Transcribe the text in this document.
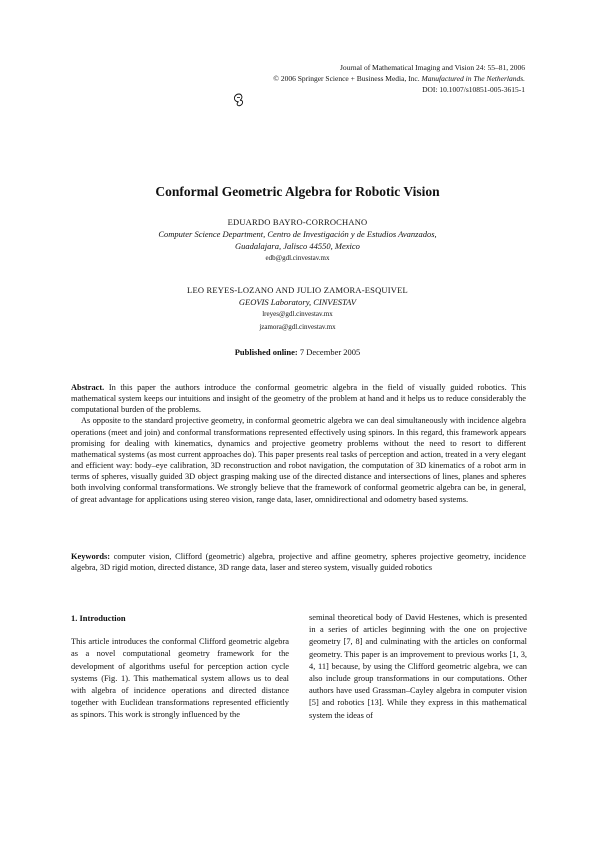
Journal of Mathematical Imaging and Vision 24: 55–81, 2006
© 2006 Springer Science + Business Media, Inc. Manufactured in The Netherlands.
DOI: 10.1007/s10851-005-3615-1
Conformal Geometric Algebra for Robotic Vision
EDUARDO BAYRO-CORROCHANO
Computer Science Department, Centro de Investigación y de Estudios Avanzados,
Guadalajara, Jalisco 44550, Mexico
edb@gdl.cinvestav.mx
LEO REYES-LOZANO AND JULIO ZAMORA-ESQUIVEL
GEOVIS Laboratory, CINVESTAV
lreyes@gdl.cinvestav.mx
jzamora@gdl.cinvestav.mx
Published online: 7 December 2005

Abstract. In this paper the authors introduce the conformal geometric algebra in the field of visually guided robotics. This mathematical system keeps our intuitions and insight of the geometry of the problem at hand and it helps us to reduce considerably the computational burden of the problems.

As opposite to the standard projective geometry, in conformal geometric algebra we can deal simultaneously with incidence algebra operations (meet and join) and conformal transformations represented effectively using spinors. In this regard, this framework appears promising for dealing with kinematics, dynamics and projective geometry problems without the need to resort to different mathematical systems (as most current approaches do). This paper presents real tasks of perception and action, treated in a very elegant and efficient way: body–eye calibration, 3D reconstruction and robot navigation, the computation of 3D kinematics of a robot arm in terms of spheres, visually guided 3D object grasping making use of the directed distance and intersections of lines, planes and spheres both involving conformal transformations. We strongly believe that the framework of conformal geometric algebra can be, in general, of great advantage for applications using stereo vision, range data, laser, omnidirectional and odometry based systems.

Keywords: computer vision, Clifford (geometric) algebra, projective and affine geometry, spheres projective geometry, incidence algebra, 3D rigid motion, directed distance, 3D range data, laser and stereo system, visually guided robotics

1. Introduction

This article introduces the conformal Clifford geometric algebra as a novel computational geometry framework for the development of algorithms useful for perception action cycle systems (Fig. 1). This mathematical system allows us to deal with algebra of incidence operations and directed distance together with Euclidean transformations represented efficiently as spinors. This work is strongly influenced by the

seminal theoretical body of David Hestenes, which is presented in a series of articles beginning with the one on projective geometry [7, 8] and culminating with the articles on conformal geometry. This paper is an improvement to previous works [1, 3, 4, 11] because, by using the Clifford geometric algebra, we can also include group transformations in our computations. Other authors have used Grassman–Cayley algebra in computer vision [5] and robotics [13]. While they express in this mathematical system the ideas of
